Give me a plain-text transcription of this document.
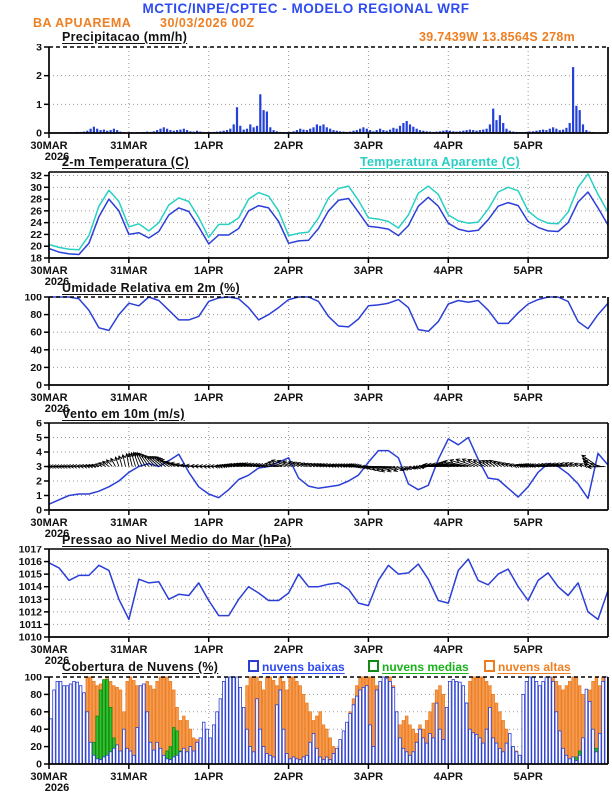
MCTIC/INPE/CPTEC - MODELO REGIONAL WRF
BA APUAREMA 30/03/2026 00Z
Precipitacao (mm/h)	39.7439W 13.8564S 278m
2-m Temperatura (C)	Temperatura Aparente (C)
Umidade Relativa em 2m (%)
Vento em 10m (m/s)
Pressao ao Nivel Medio do Mar (hPa)
Cobertura de Nuvens (%)	nuvens baixas	nuvens medias	nuvens altas
0
1
2
3
30MAR
2026
31MAR	1APR	2APR	3APR	4APR	5APR
18
20
22
24
26
28
30
32
30MAR
2026
31MAR	1APR	2APR	3APR	4APR	5APR
0
20
40
60
80
100
30MAR
2026
31MAR	1APR	2APR	3APR	4APR	5APR
0
1
2
3
4
5
6
30MAR
2026
31MAR	1APR	2APR	3APR	4APR	5APR
1010
1011
1012
1013
1014
1015
1016
1017
30MAR
2026
31MAR	1APR	2APR	3APR	4APR	5APR
0
20
40
60
80
100
30MAR
2026
31MAR	1APR	2APR	3APR	4APR	5APR
